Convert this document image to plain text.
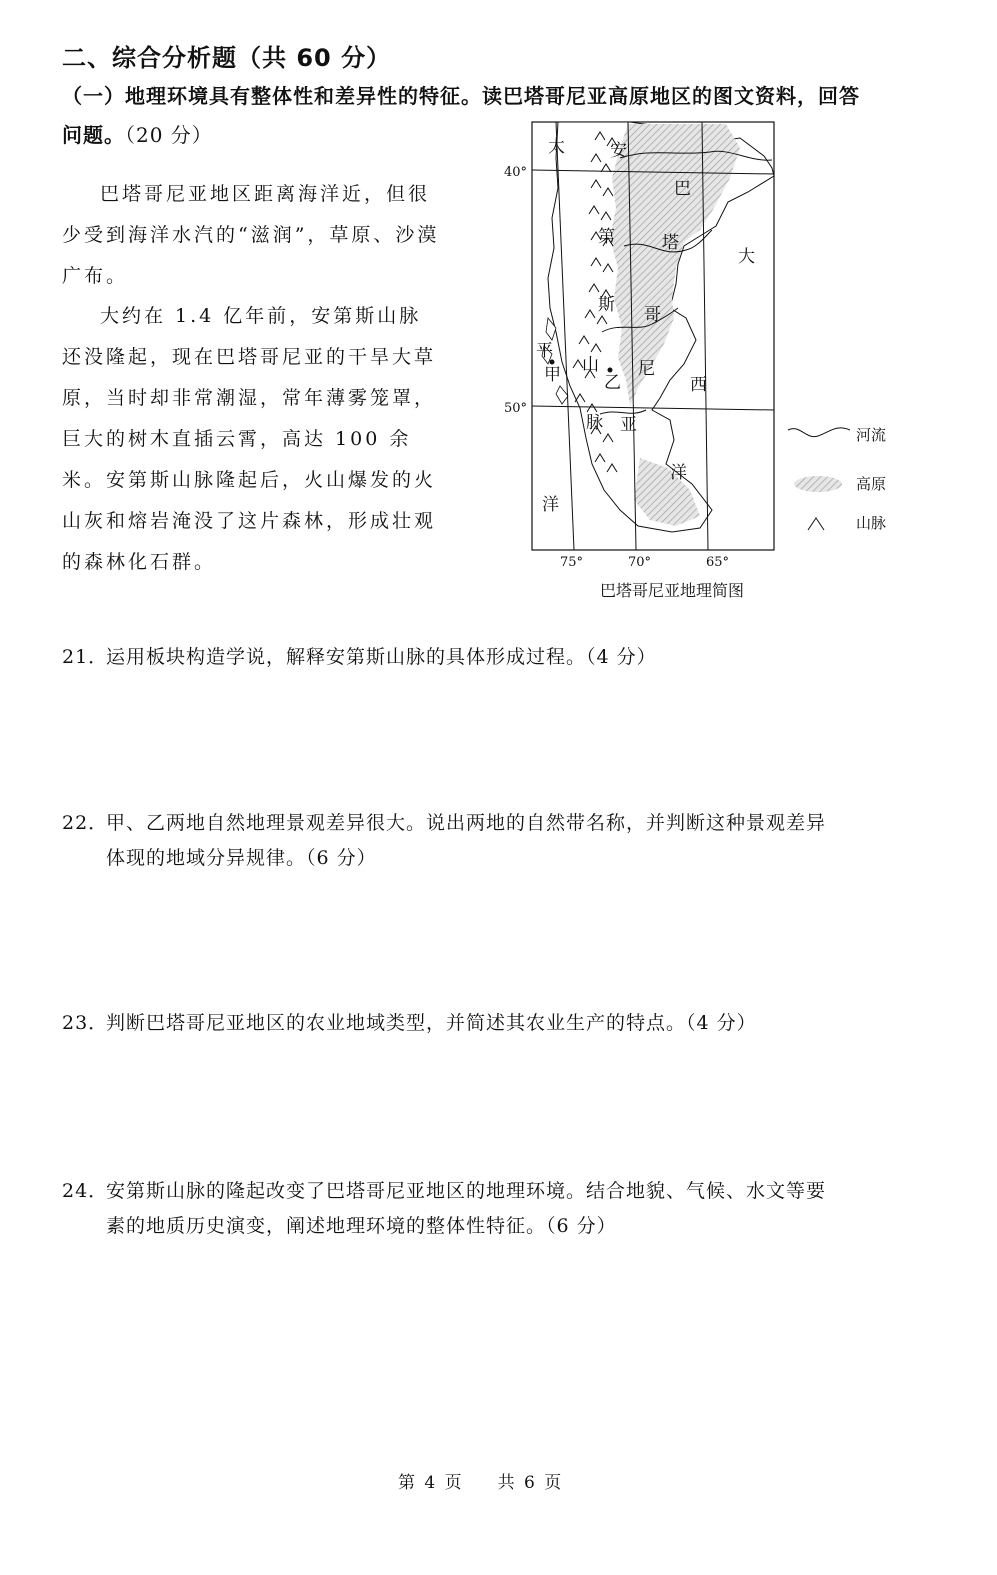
二、综合分析题（共 60 分）
（一）地理环境具有整体性和差异性的特征。读巴塔哥尼亚高原地区的图文资料，回答
问题。（20 分）

巴塔哥尼亚地区距离海洋近，但很少受到海洋水汽的“滋润”，草原、沙漠广布。

大约在 1.4 亿年前，安第斯山脉还没隆起，现在巴塔哥尼亚的干旱大草原，当时却非常潮湿，常年薄雾笼罩，巨大的树木直插云霄，高达 100 余米。安第斯山脉隆起后，火山爆发的火山灰和熔岩淹没了这片森林，形成壮观的森林化石群。

太
平
洋
大
西
洋
安
第
斯
山
脉
巴
塔
哥
尼
亚
甲	乙
40°
50°
75°	70°	65°
河流
高原
山脉
巴塔哥尼亚地理简图
21．运用板块构造学说，解释安第斯山脉的具体形成过程。（4 分）
22．甲、乙两地自然地理景观差异很大。说出两地的自然带名称，并判断这种景观差异
体现的地域分异规律。（6 分）
23．判断巴塔哥尼亚地区的农业地域类型，并简述其农业生产的特点。（4 分）
24．安第斯山脉的隆起改变了巴塔哥尼亚地区的地理环境。结合地貌、气候、水文等要
素的地质历史演变，阐述地理环境的整体性特征。（6 分）
第 4 页 共 6 页
